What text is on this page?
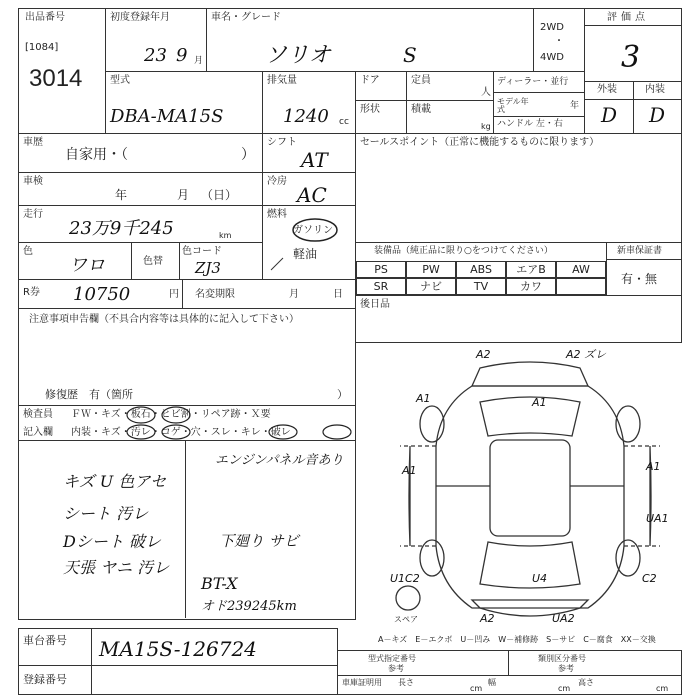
出品番号
[1084]
3014
初度登録年月
23 9 月
車名・グレード
ソリオ	S
2WD
・
4WD
評価点
3
外装	内装
D D
型式
DBA-MA15S
排気量
1240 cc
ドア	定員
人
形状	積載
kg
ディーラー・並行
モデル年式	年
ハンドル 左・右
車歴
自家用・（	）
車検
年	月 （日）
走行
23万9千245	km
色
ワロ	色替
色コード
ZJ3
R券 10750	円 名変期限	月	日
シフト
AT
冷房
AC
燃料
ガソリン
軽油
セールスポイント（正常に機能するものに限ります）
装備品（純正品に限り○をつけてください）
PS	PW	ABS	エアB	AW
SR	ナビ	TV	カワ
新車保証書
有・無
後日品
注意事項申告欄（不具合内容等は具体的に記入して下さい）
修復歴　有（箇所	）
検査員
記入欄
ＦＷ・キズ・板石・ヒビ割・リペア跡・Ｘ要
内装・キズ・汚レ・コゲ・穴・スレ・キレ・破レ
キズ U 色アセ
シート 汚レ
Dシート 破レ
天張 ヤニ 汚レ
エンジンパネル音あり
下廻り サビ
BT-X
オド239245km
A2	A2 ズレ
A1	A1
A1	A1
UA1
U1C2	U4	C2
A2	UA2
スペア
A－キズ　E－エクボ　U－凹み　W－補修跡　S－サビ　C－腐食　XX－交換
車台番号 MA15S-126724
登録番号
型式指定番号
参考
類別区分番号
参考
車庫証明用 長さ
cm
幅
cm
高さ
cm
